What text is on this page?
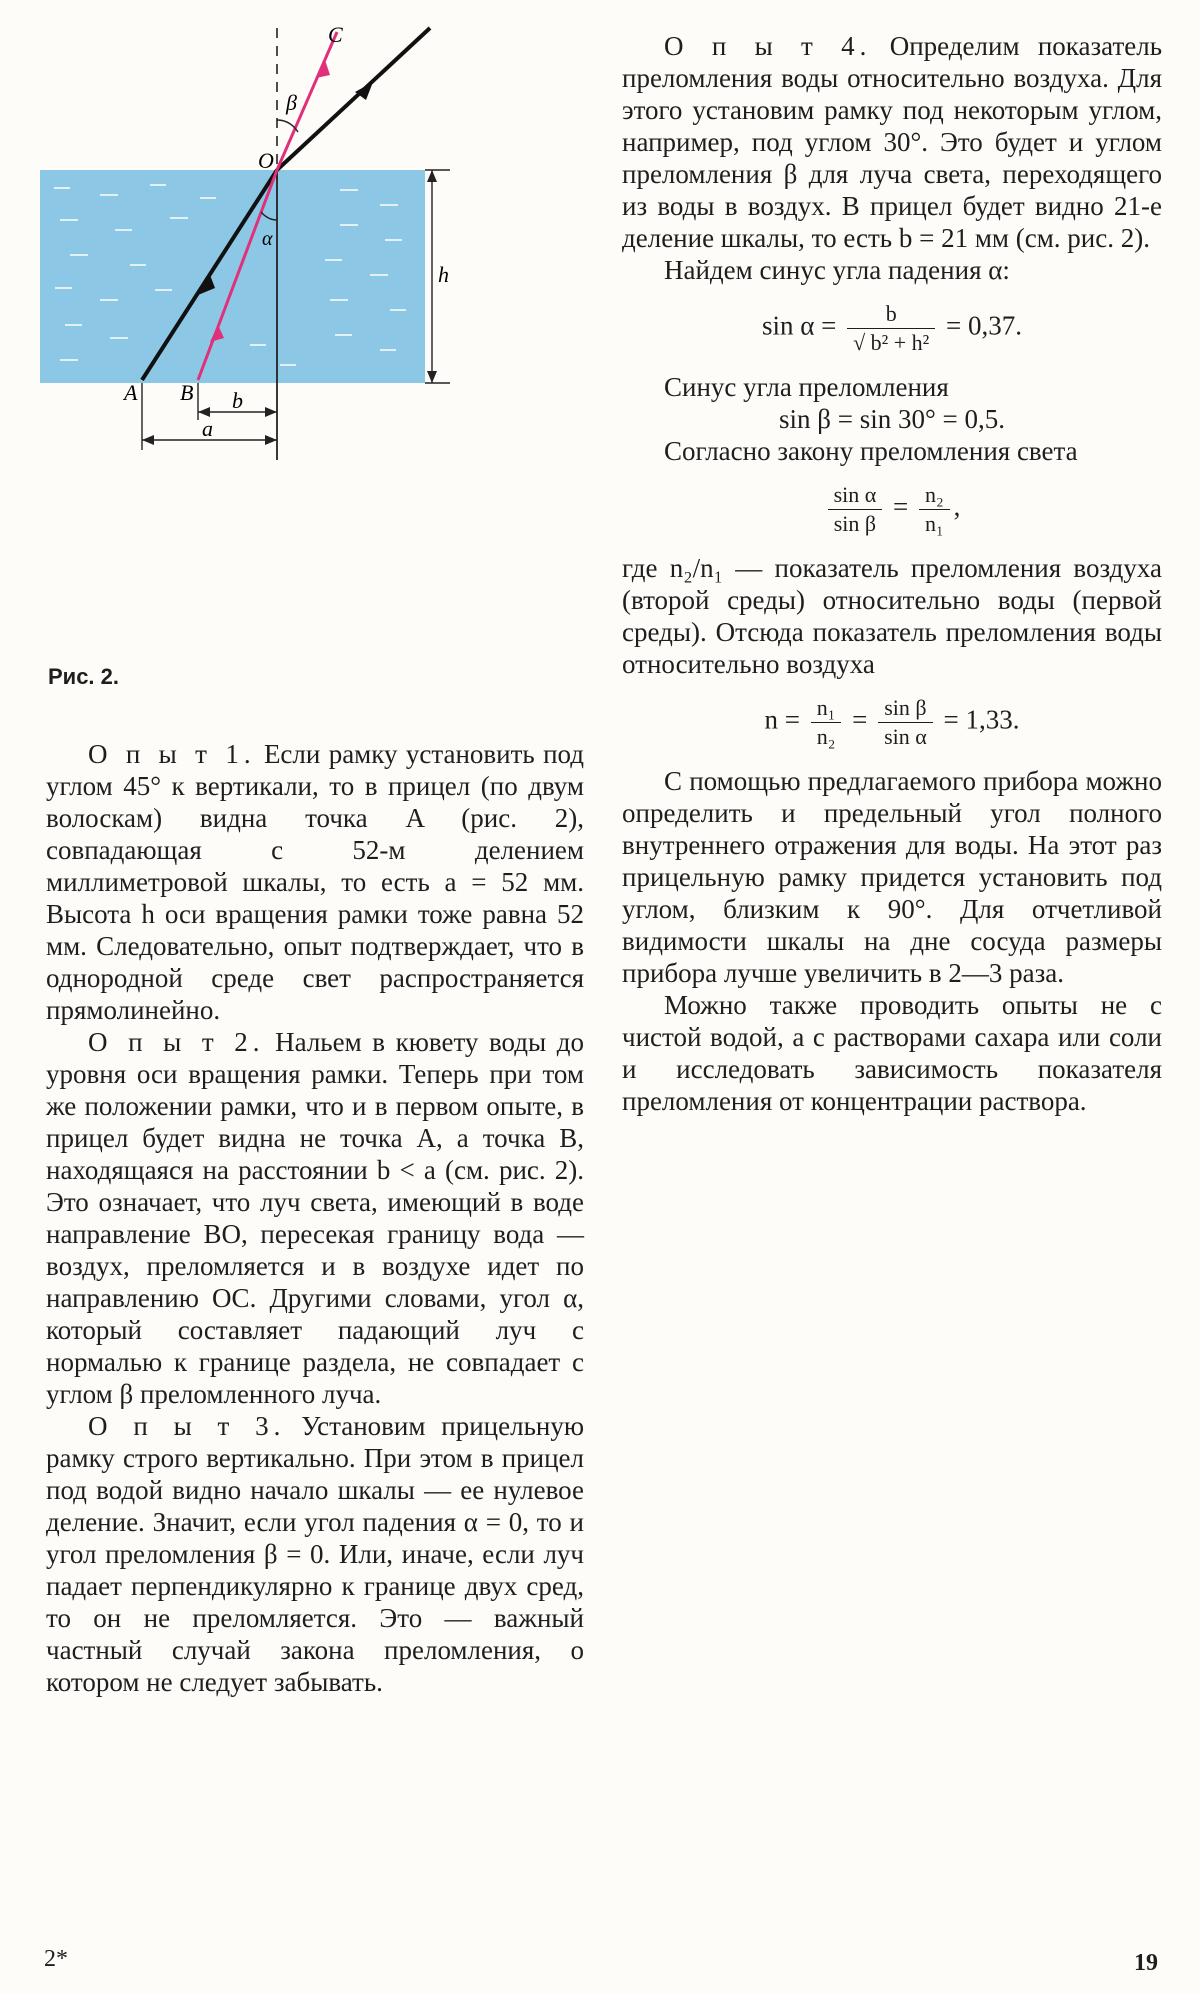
C
β
O
α
h
A B b
a
Рис. 2.

О п ы т 1. Если рамку установить под углом 45° к вертикали, то в прицел (по двум волоскам) видна точка A (рис. 2), совпадающая с 52-м делением миллиметровой шкалы, то есть a = 52 мм. Высота h оси вращения рамки тоже равна 52 мм. Следовательно, опыт подтверждает, что в однородной среде свет распространяется прямолинейно.

О п ы т 2. Нальем в кювету воды до уровня оси вращения рамки. Теперь при том же положении рамки, что и в первом опыте, в прицел будет видна не точка A, а точка B, находящаяся на расстоянии b < a (см. рис. 2). Это означает, что луч света, имеющий в воде направление BO, пересекая границу вода — воздух, преломляется и в воздухе идет по направлению OC. Другими словами, угол α, который составляет падающий луч с нормалью к границе раздела, не совпадает с углом β преломленного луча.

О п ы т 3. Установим прицельную рамку строго вертикально. При этом в прицел под водой видно начало шкалы — ее нулевое деление. Значит, если угол падения α = 0, то и угол преломления β = 0. Или, иначе, если луч падает перпендикулярно к границе двух сред, то он не преломляется. Это — важный частный случай закона преломления, о котором не следует забывать.

О п ы т 4. Определим показатель преломления воды относительно воздуха. Для этого установим рамку под некоторым углом, например, под углом 30°. Это будет и углом преломления β для луча света, переходящего из воды в воздух. В прицел будет видно 21-е деление шкалы, то есть b = 21 мм (см. рис. 2).

Найдем синус угла падения α:

$\sin \alpha = \frac{b}{\text{√ b² + h²}} = 0,37$.

Синус угла преломления

sin β = sin 30° = 0,5.

Согласно закону преломления света

$\frac{\text{sin α}}{\text{sin β}} = \frac{\text{n₂}}{\text{n₁}}$ ,

где n₂/n₁ — показатель преломления воздуха (второй среды) относительно воды (первой среды). Отсюда показатель преломления воды относительно воздуха

$n = \frac{\text{n₁}}{\text{n₂}} = \frac{\text{sin β}}{\text{sin α}} = 1,33$.

С помощью предлагаемого прибора можно определить и предельный угол полного внутреннего отражения для воды. На этот раз прицельную рамку придется установить под углом, близким к 90°. Для отчетливой видимости шкалы на дне сосуда размеры прибора лучше увеличить в 2—3 раза.

Можно также проводить опыты не с чистой водой, а с растворами сахара или соли и исследовать зависимость показателя преломления от концентрации раствора.

2*	19
